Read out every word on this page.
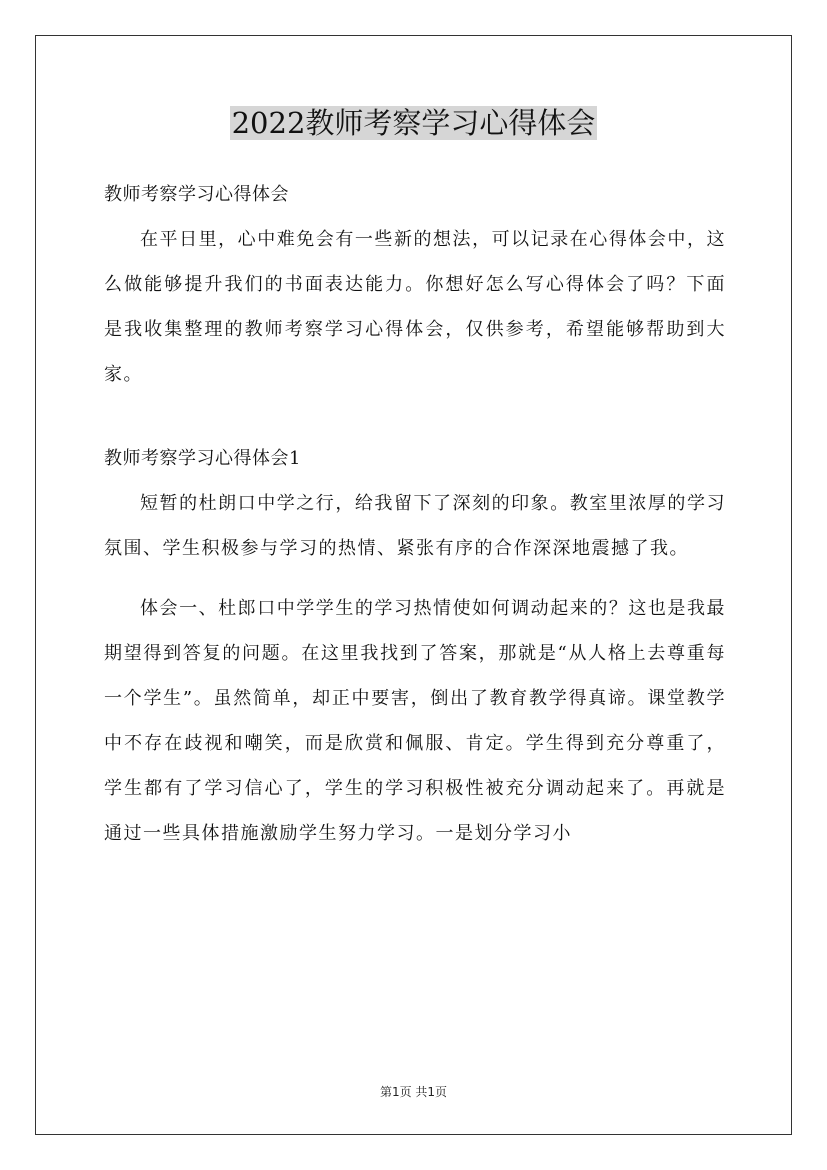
2022教师考察学习心得体会

教师考察学习心得体会

在平日里，心中难免会有一些新的想法，可以记录在心得体会中，这么做能够提升我们的书面表达能力。你想好怎么写心得体会了吗？下面是我收集整理的教师考察学习心得体会，仅供参考，希望能够帮助到大家。

教师考察学习心得体会1

短暂的杜朗口中学之行，给我留下了深刻的印象。教室里浓厚的学习氛围、学生积极参与学习的热情、紧张有序的合作深深地震撼了我。

体会一、杜郎口中学学生的学习热情使如何调动起来的？这也是我最期望得到答复的问题。在这里我找到了答案，那就是“从人格上去尊重每一个学生”。虽然简单，却正中要害，倒出了教育教学得真谛。课堂教学中不存在歧视和嘲笑，而是欣赏和佩服、肯定。学生得到充分尊重了，学生都有了学习信心了，学生的学习积极性被充分调动起来了。再就是通过一些具体措施激励学生努力学习。一是划分学习小

第1页 共1页
